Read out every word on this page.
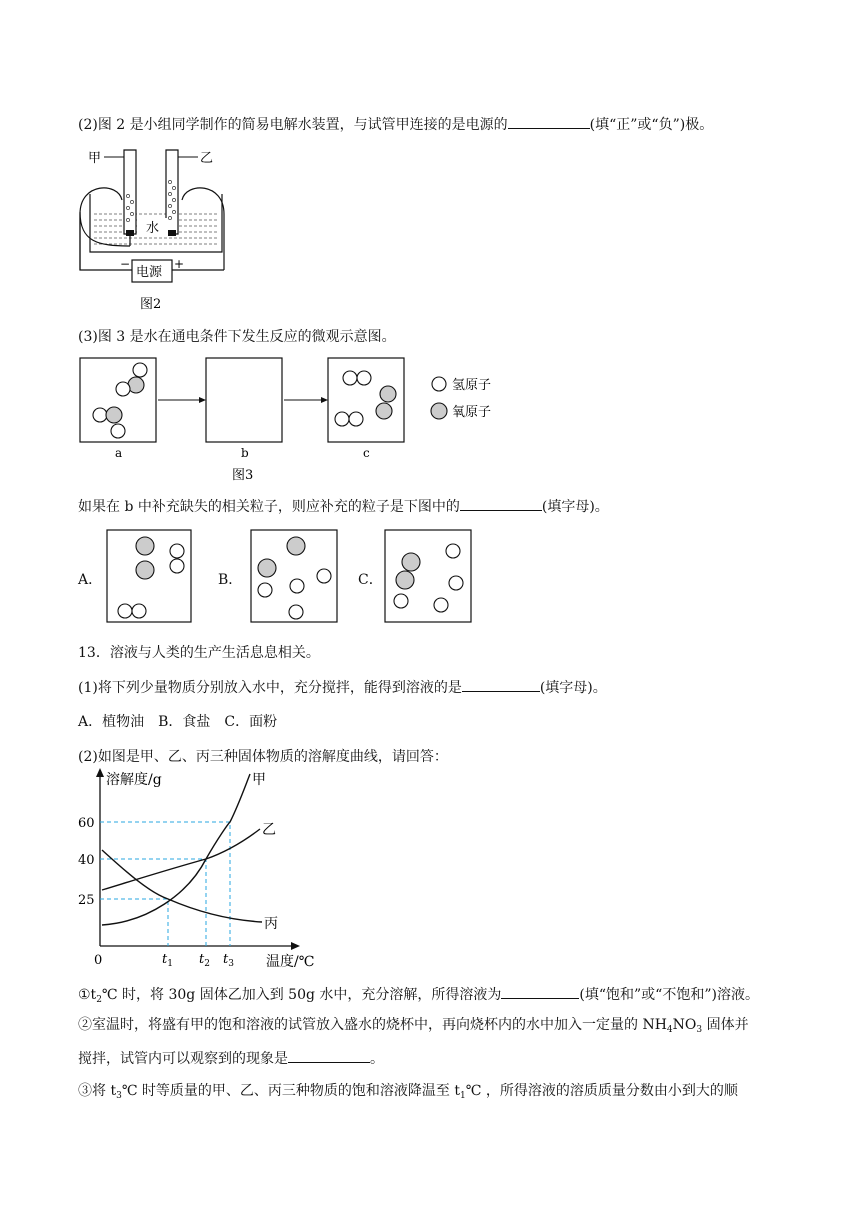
(2)图 2 是小组同学制作的简易电解水装置，与试管甲连接的是电源的	(填“正”或“负”)极。
甲	乙
水
电源
−	+
图2
(3)图 3 是水在通电条件下发生反应的微观示意图。
氢原子
氧原子
a	b	c
图3
如果在 b 中补充缺失的相关粒子，则应补充的粒子是下图中的	(填字母)。
A．	B．	C．
13．溶液与人类的生产生活息息相关。
(1)将下列少量物质分别放入水中，充分搅拌，能得到溶液的是	(填字母)。
A．植物油　B．食盐　C．面粉
(2)如图是甲、乙、丙三种固体物质的溶解度曲线，请回答：
溶解度/g
温度/℃
0
60
40
25
$t_1$ $t_2$ $t_3$
甲
乙
丙
$①t_2℃$ 时，将 30g 固体乙加入到 50g 水中，充分溶解，所得溶液为	(填“饱和”或“不饱和”)溶液。
②室温时，将盛有甲的饱和溶液的试管放入盛水的烧杯中，再向烧杯内的水中加入一定量的 $NH_4NO_3$ 固体并
搅拌，试管内可以观察到的现象是	。
③将 $t_3℃$ 时等质量的甲、乙、丙三种物质的饱和溶液降温至 $t_1℃$ ，所得溶液的溶质质量分数由小到大的顺
